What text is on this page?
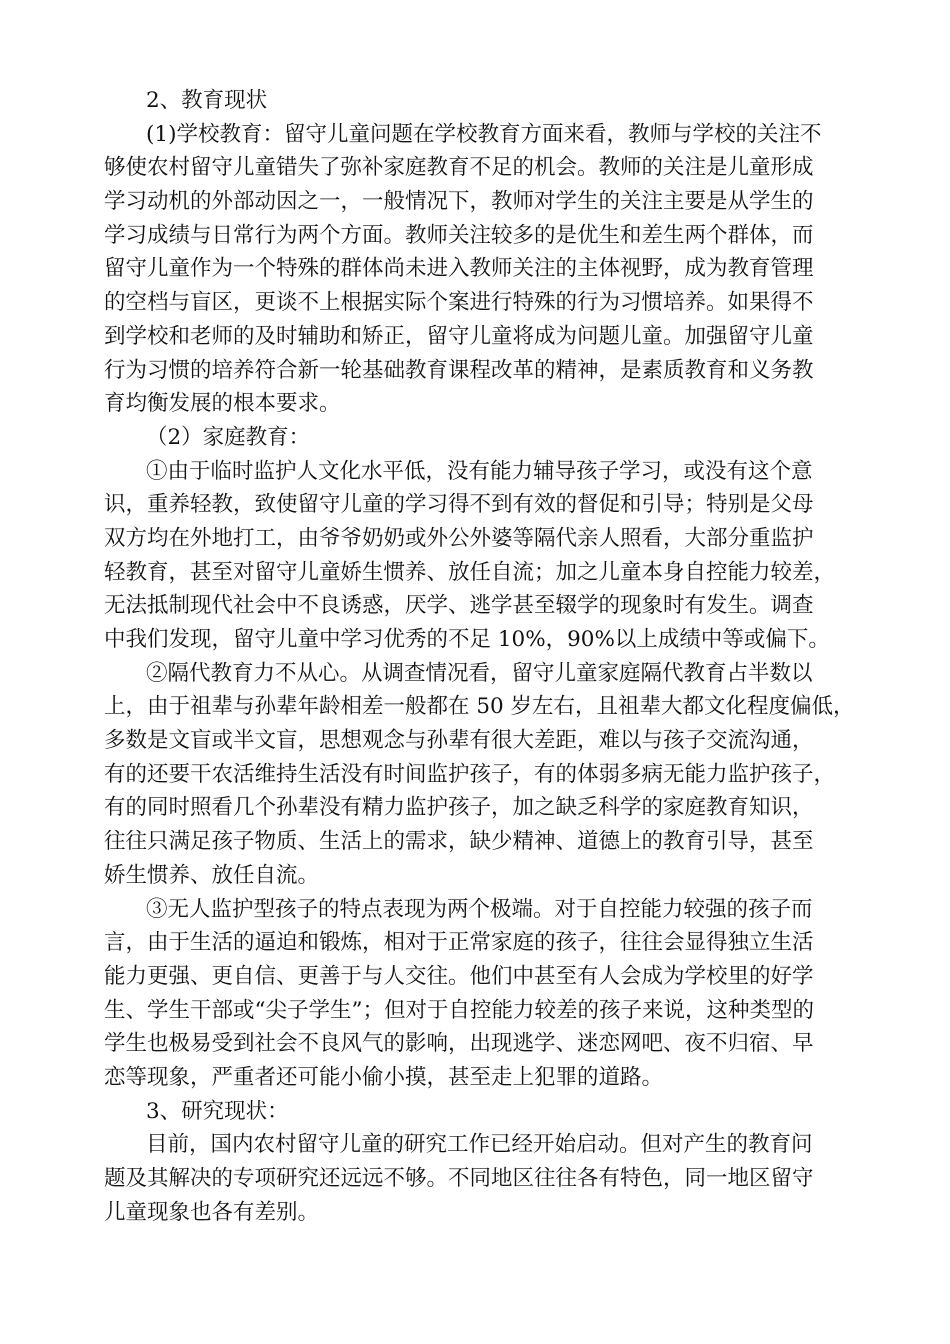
2、教育现状
(1)学校教育：留守儿童问题在学校教育方面来看，教师与学校的关注不
够使农村留守儿童错失了弥补家庭教育不足的机会。教师的关注是儿童形成
学习动机的外部动因之一，一般情况下，教师对学生的关注主要是从学生的
学习成绩与日常行为两个方面。教师关注较多的是优生和差生两个群体，而
留守儿童作为一个特殊的群体尚未进入教师关注的主体视野，成为教育管理
的空档与盲区，更谈不上根据实际个案进行特殊的行为习惯培养。如果得不
到学校和老师的及时辅助和矫正，留守儿童将成为问题儿童。加强留守儿童
行为习惯的培养符合新一轮基础教育课程改革的精神，是素质教育和义务教
育均衡发展的根本要求。
（2）家庭教育：
①由于临时监护人文化水平低，没有能力辅导孩子学习，或没有这个意
识，重养轻教，致使留守儿童的学习得不到有效的督促和引导；特别是父母
双方均在外地打工，由爷爷奶奶或外公外婆等隔代亲人照看，大部分重监护
轻教育，甚至对留守儿童娇生惯养、放任自流；加之儿童本身自控能力较差，
无法抵制现代社会中不良诱惑，厌学、逃学甚至辍学的现象时有发生。调查
中我们发现，留守儿童中学习优秀的不足 10%，90%以上成绩中等或偏下。
②隔代教育力不从心。从调查情况看，留守儿童家庭隔代教育占半数以
上，由于祖辈与孙辈年龄相差一般都在 50 岁左右，且祖辈大都文化程度偏低，
多数是文盲或半文盲，思想观念与孙辈有很大差距，难以与孩子交流沟通，
有的还要干农活维持生活没有时间监护孩子，有的体弱多病无能力监护孩子，
有的同时照看几个孙辈没有精力监护孩子，加之缺乏科学的家庭教育知识，
往往只满足孩子物质、生活上的需求，缺少精神、道德上的教育引导，甚至
娇生惯养、放任自流。
③无人监护型孩子的特点表现为两个极端。对于自控能力较强的孩子而
言，由于生活的逼迫和锻炼，相对于正常家庭的孩子，往往会显得独立生活
能力更强、更自信、更善于与人交往。他们中甚至有人会成为学校里的好学
生、学生干部或“尖子学生”；但对于自控能力较差的孩子来说，这种类型的
学生也极易受到社会不良风气的影响，出现逃学、迷恋网吧、夜不归宿、早
恋等现象，严重者还可能小偷小摸，甚至走上犯罪的道路。
3、研究现状：
目前，国内农村留守儿童的研究工作已经开始启动。但对产生的教育问
题及其解决的专项研究还远远不够。不同地区往往各有特色，同一地区留守
儿童现象也各有差别。
